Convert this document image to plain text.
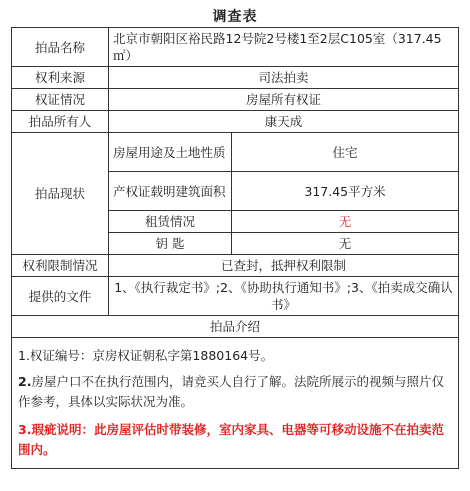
调查表
拍品名称	北京市朝阳区裕民路12号院2号楼1至2层C105室（317.45㎡）	
权利来源	司法拍卖	
权证情况	房屋所有权证	
拍品所有人	康天成	
拍品现状	房屋用途及土地性质	住宅
	产权证载明建筑面积	317.45平方米
	租赁情况	无
	钥 匙	无
权利限制情况	已查封，抵押权利限制	
提供的文件	1、《执行裁定书》;2、《协助执行通知书》;3、《拍卖成交确认书》	
拍品介绍		

1.权证编号：京房权证朝私字第1880164号。
2.房屋户口不在执行范围内，请竞买人自行了解。法院所展示的视频与照片仅作参考，具体以实际状况为准。
3.瑕疵说明：此房屋评估时带装修，室内家具、电器等可移动设施不在拍卖范围内。		
